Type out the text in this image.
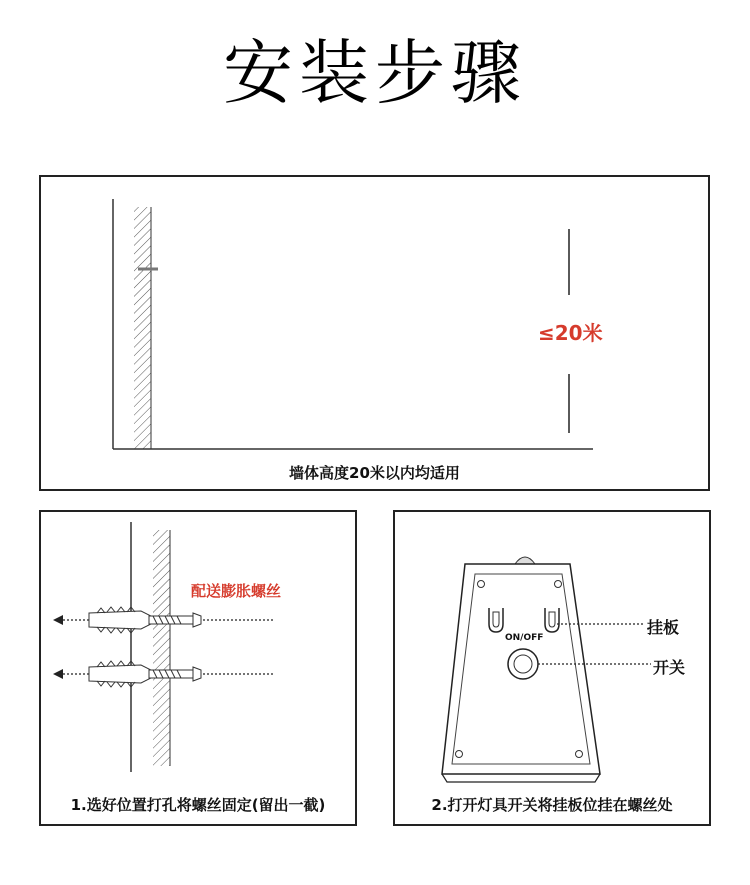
安装步骤
≤20米
墙体高度20米以内均适用
配送膨胀螺丝
1.选好位置打孔将螺丝固定(留出一截)
ON/OFF
挂板
开关
2.打开灯具开关将挂板位挂在螺丝处
